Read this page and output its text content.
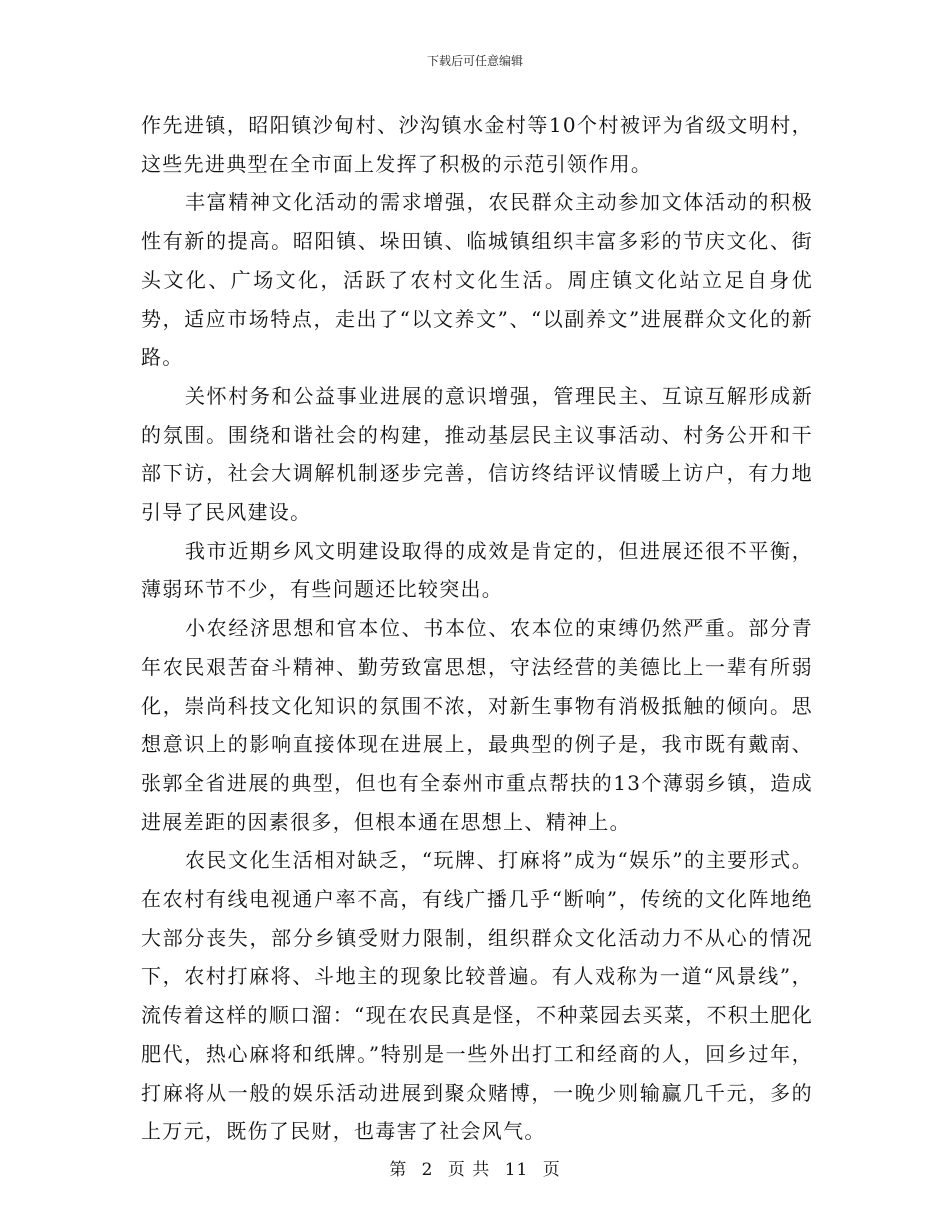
下载后可任意编辑

作先进镇，昭阳镇沙甸村、沙沟镇水金村等10个村被评为省级文明村，这些先进典型在全市面上发挥了积极的示范引领作用。

丰富精神文化活动的需求增强，农民群众主动参加文体活动的积极性有新的提高。昭阳镇、垛田镇、临城镇组织丰富多彩的节庆文化、街头文化、广场文化，活跃了农村文化生活。周庄镇文化站立足自身优势，适应市场特点，走出了“以文养文”、“以副养文”进展群众文化的新路。

关怀村务和公益事业进展的意识增强，管理民主、互谅互解形成新的氛围。围绕和谐社会的构建，推动基层民主议事活动、村务公开和干部下访，社会大调解机制逐步完善，信访终结评议情暖上访户，有力地引导了民风建设。

我市近期乡风文明建设取得的成效是肯定的，但进展还很不平衡，薄弱环节不少，有些问题还比较突出。

小农经济思想和官本位、书本位、农本位的束缚仍然严重。部分青年农民艰苦奋斗精神、勤劳致富思想，守法经营的美德比上一辈有所弱化，崇尚科技文化知识的氛围不浓，对新生事物有消极抵触的倾向。思想意识上的影响直接体现在进展上，最典型的例子是，我市既有戴南、张郭全省进展的典型，但也有全泰州市重点帮扶的13个薄弱乡镇，造成进展差距的因素很多，但根本通在思想上、精神上。

农民文化生活相对缺乏，“玩牌、打麻将”成为“娱乐”的主要形式。在农村有线电视通户率不高，有线广播几乎“断响”，传统的文化阵地绝大部分丧失，部分乡镇受财力限制，组织群众文化活动力不从心的情况下，农村打麻将、斗地主的现象比较普遍。有人戏称为一道“风景线”，流传着这样的顺口溜：“现在农民真是怪，不种菜园去买菜，不积土肥化肥代，热心麻将和纸牌。”特别是一些外出打工和经商的人，回乡过年，打麻将从一般的娱乐活动进展到聚众赌博，一晚少则输赢几千元，多的上万元，既伤了民财，也毒害了社会风气。

第 2 页 共 11 页
